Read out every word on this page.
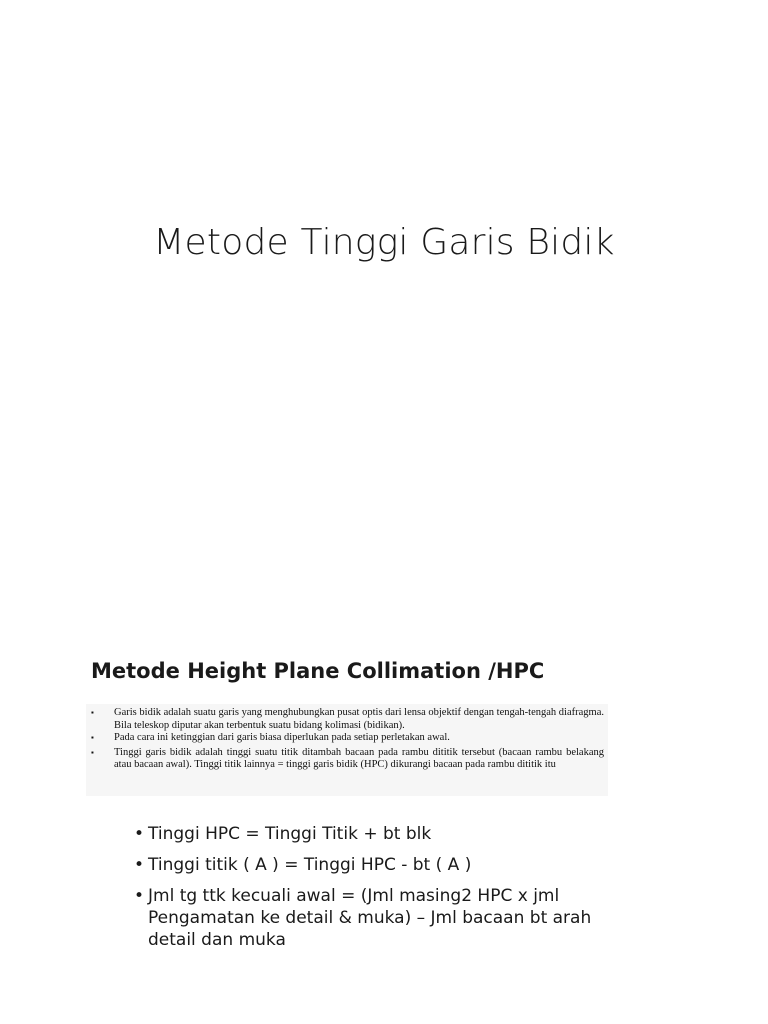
Metode Tinggi Garis Bidik
Metode Height Plane Collimation /HPC
▪ Garis bidik adalah suatu garis yang menghubungkan pusat optis dari lensa objektif dengan tengah-tengah diafragma. Bila teleskop diputar akan terbentuk suatu bidang kolimasi (bidikan).
▪ Pada cara ini ketinggian dari garis biasa diperlukan pada setiap perletakan awal.
▪ Tinggi garis bidik adalah tinggi suatu titik ditambah bacaan pada rambu dititik tersebut (bacaan rambu belakang atau bacaan awal). Tinggi titik lainnya = tinggi garis bidik (HPC) dikurangi bacaan pada rambu dititik itu
• Tinggi HPC = Tinggi Titik + bt blk
• Tinggi titik ( A ) = Tinggi HPC - bt ( A )
• Jml tg ttk kecuali awal = (Jml masing2 HPC x jml Pengamatan ke detail & muka) – Jml bacaan bt arah detail dan muka
